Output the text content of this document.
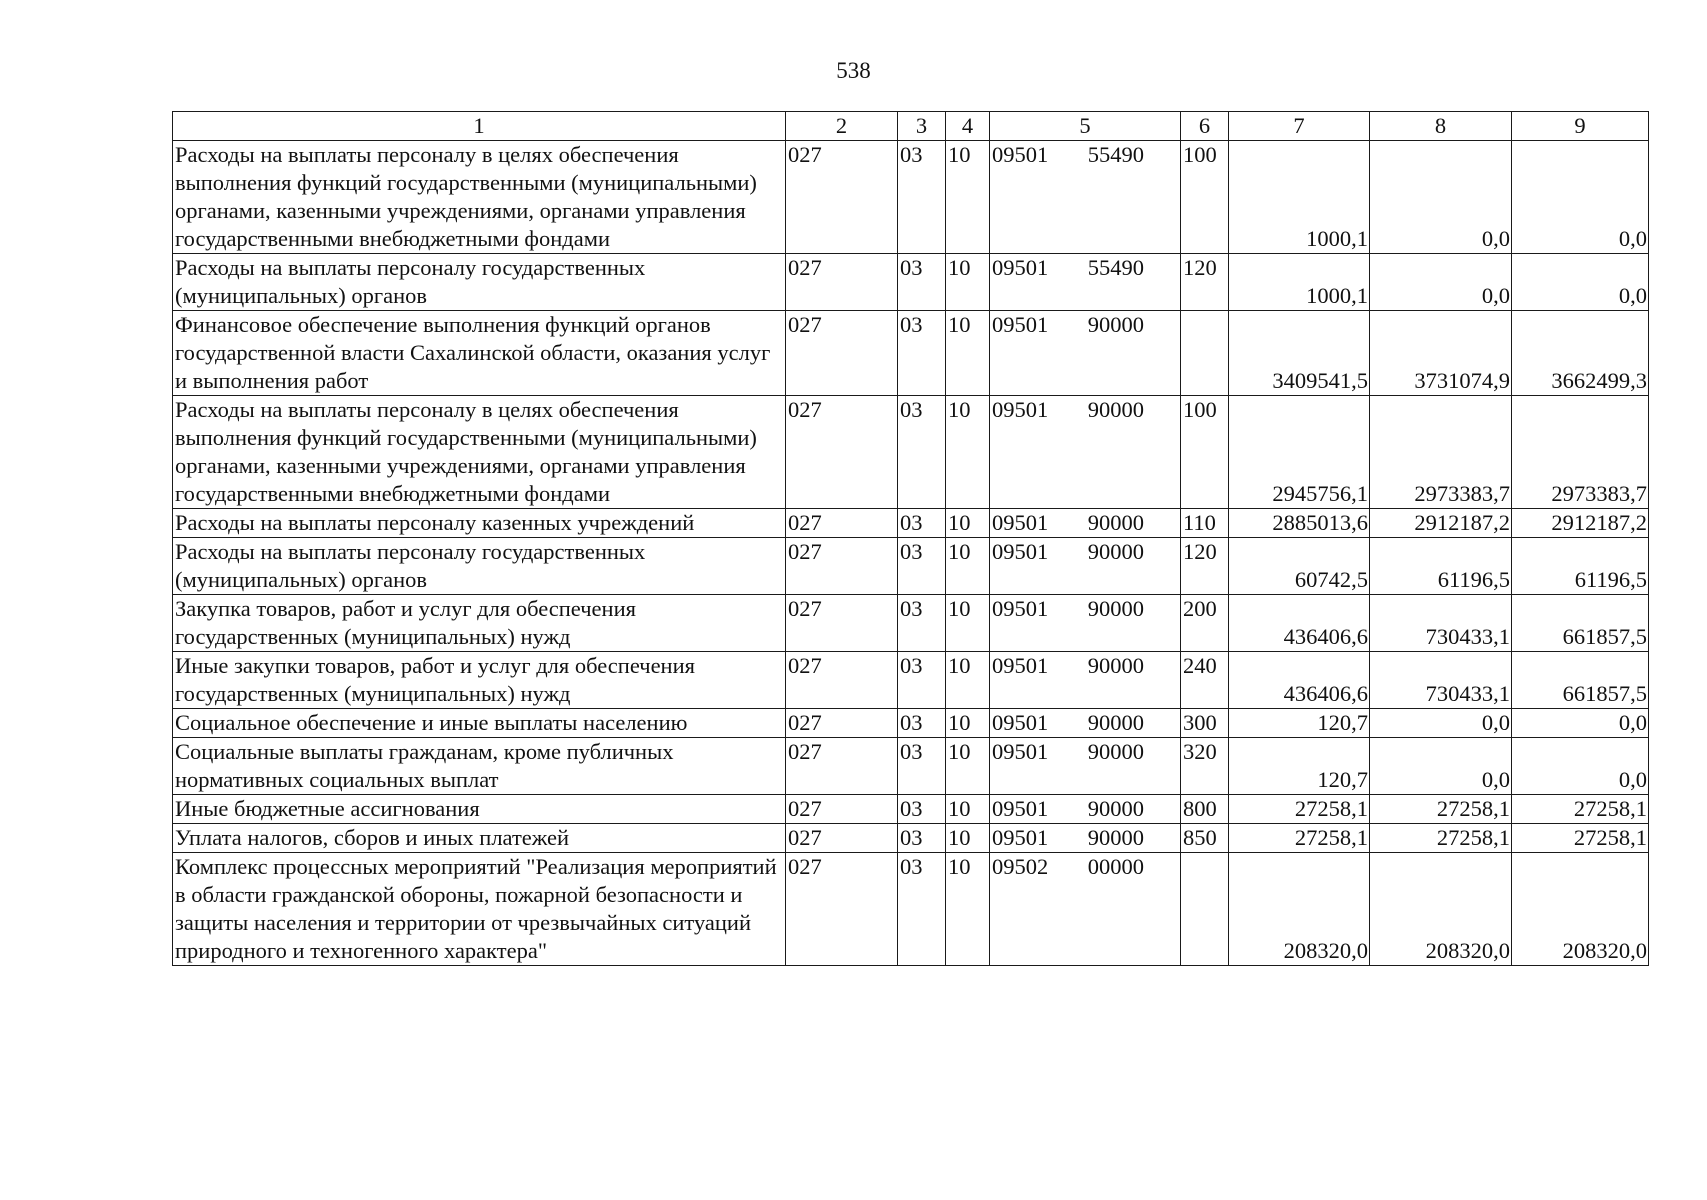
538
1	2	3	4	5	6	7	8	9
Расходы на выплаты персоналу в целях обеспечения выполнения функций государственными (муниципальными) органами, казенными учреждениями, органами управления государственными внебюджетными фондами	027	03	10	09501 55490	100	1000,1	0,0	0,0
Расходы на выплаты персоналу государственных (муниципальных) органов	027	03	10	09501 55490	120	1000,1	0,0	0,0
Финансовое обеспечение выполнения функций органов государственной власти Сахалинской области, оказания услуг и выполнения работ	027	03	10	09501 90000		3409541,5	3731074,9	3662499,3
Расходы на выплаты персоналу в целях обеспечения выполнения функций государственными (муниципальными) органами, казенными учреждениями, органами управления государственными внебюджетными фондами	027	03	10	09501 90000	100	2945756,1	2973383,7	2973383,7
Расходы на выплаты персоналу казенных учреждений	027	03	10	09501 90000	110	2885013,6	2912187,2	2912187,2
Расходы на выплаты персоналу государственных (муниципальных) органов	027	03	10	09501 90000	120	60742,5	61196,5	61196,5
Закупка товаров, работ и услуг для обеспечения государственных (муниципальных) нужд	027	03	10	09501 90000	200	436406,6	730433,1	661857,5
Иные закупки товаров, работ и услуг для обеспечения государственных (муниципальных) нужд	027	03	10	09501 90000	240	436406,6	730433,1	661857,5
Социальное обеспечение и иные выплаты населению	027	03	10	09501 90000	300	120,7	0,0	0,0
Социальные выплаты гражданам, кроме публичных нормативных социальных выплат	027	03	10	09501 90000	320	120,7	0,0	0,0
Иные бюджетные ассигнования	027	03	10	09501 90000	800	27258,1	27258,1	27258,1
Уплата налогов, сборов и иных платежей	027	03	10	09501 90000	850	27258,1	27258,1	27258,1
Комплекс процессных мероприятий "Реализация мероприятий в области гражданской обороны, пожарной безопасности и защиты населения и территории от чрезвычайных ситуаций природного и техногенного характера"	027	03	10	09502 00000		208320,0	208320,0	208320,0
